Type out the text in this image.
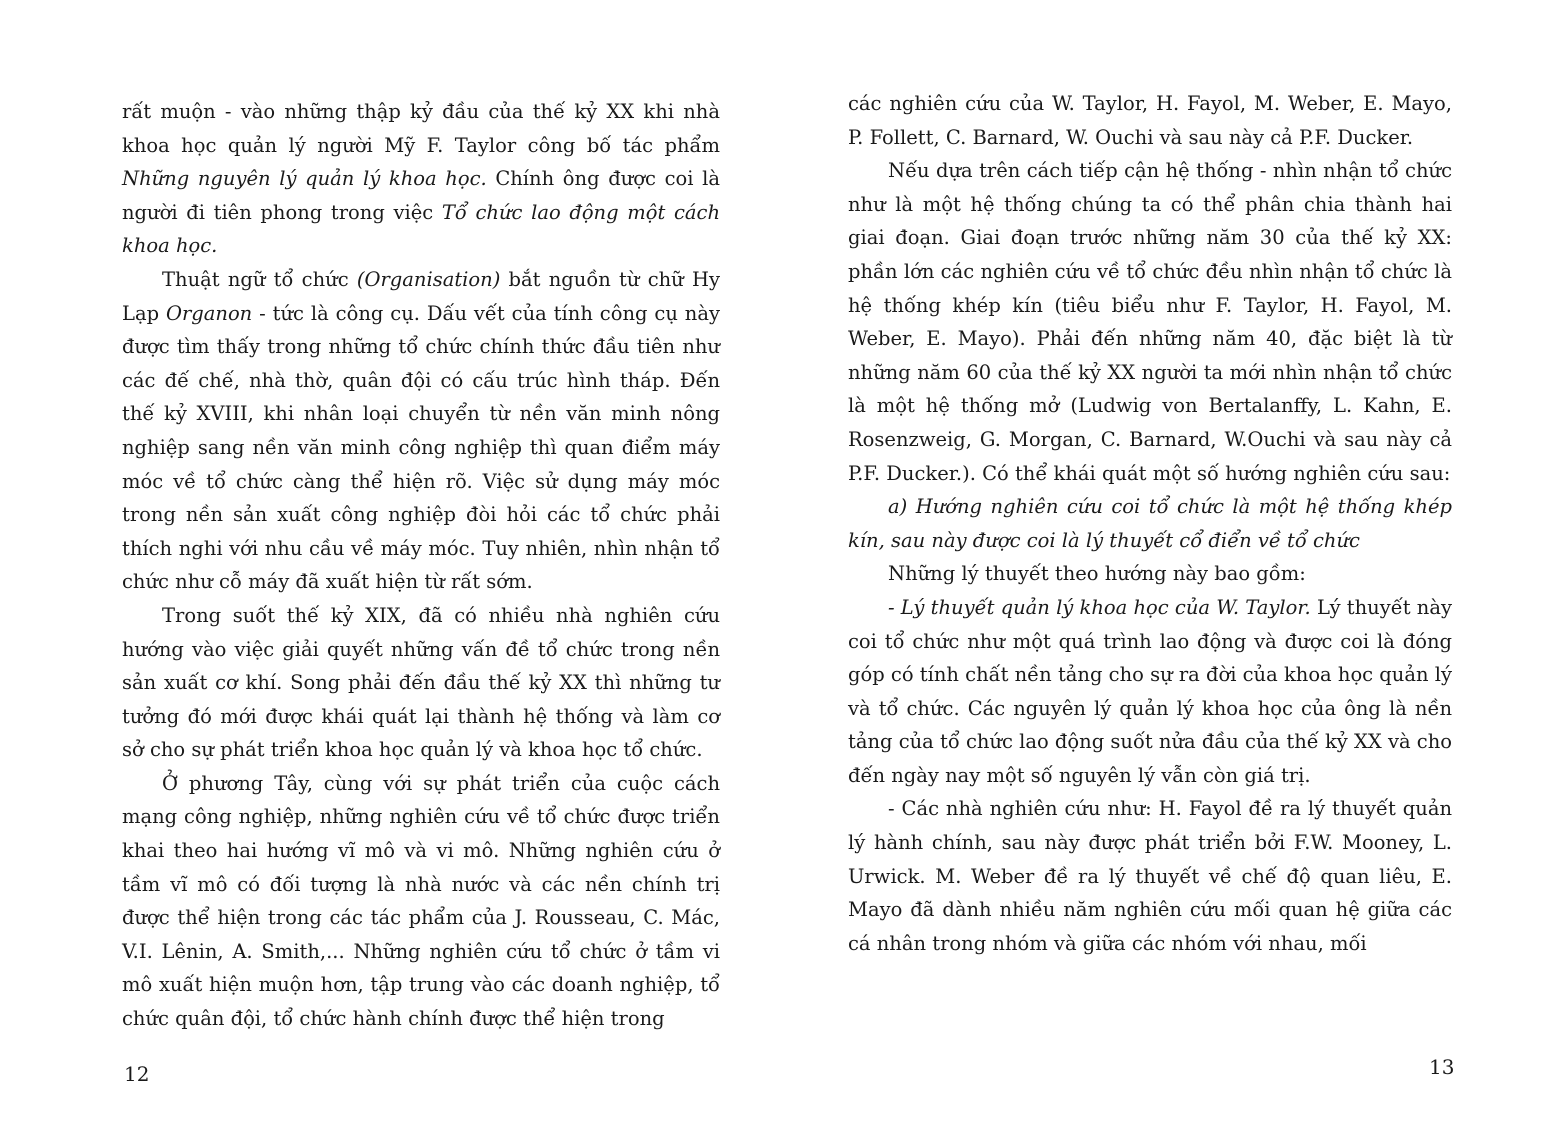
rất muộn - vào những thập kỷ đầu của thế kỷ XX khi nhà khoa học quản lý người Mỹ F. Taylor công bố tác phẩm Những nguyên lý quản lý khoa học. Chính ông được coi là người đi tiên phong trong việc Tổ chức lao động một cách khoa học.

Thuật ngữ tổ chức (Organisation) bắt nguồn từ chữ Hy Lạp Organon - tức là công cụ. Dấu vết của tính công cụ này được tìm thấy trong những tổ chức chính thức đầu tiên như các đế chế, nhà thờ, quân đội có cấu trúc hình tháp. Đến thế kỷ XVIII, khi nhân loại chuyển từ nền văn minh nông nghiệp sang nền văn minh công nghiệp thì quan điểm máy móc về tổ chức càng thể hiện rõ. Việc sử dụng máy móc trong nền sản xuất công nghiệp đòi hỏi các tổ chức phải thích nghi với nhu cầu về máy móc. Tuy nhiên, nhìn nhận tổ chức như cỗ máy đã xuất hiện từ rất sớm.

Trong suốt thế kỷ XIX, đã có nhiều nhà nghiên cứu hướng vào việc giải quyết những vấn đề tổ chức trong nền sản xuất cơ khí. Song phải đến đầu thế kỷ XX thì những tư tưởng đó mới được khái quát lại thành hệ thống và làm cơ sở cho sự phát triển khoa học quản lý và khoa học tổ chức.

Ở phương Tây, cùng với sự phát triển của cuộc cách mạng công nghiệp, những nghiên cứu về tổ chức được triển khai theo hai hướng vĩ mô và vi mô. Những nghiên cứu ở tầm vĩ mô có đối tượng là nhà nước và các nền chính trị được thể hiện trong các tác phẩm của J. Rousseau, C. Mác, V.I. Lênin, A. Smith,... Những nghiên cứu tổ chức ở tầm vi mô xuất hiện muộn hơn, tập trung vào các doanh nghiệp, tổ chức quân đội, tổ chức hành chính được thể hiện trong

12

các nghiên cứu của W. Taylor, H. Fayol, M. Weber, E. Mayo, P. Follett, C. Barnard, W. Ouchi và sau này cả P.F. Ducker.

Nếu dựa trên cách tiếp cận hệ thống - nhìn nhận tổ chức như là một hệ thống chúng ta có thể phân chia thành hai giai đoạn. Giai đoạn trước những năm 30 của thế kỷ XX: phần lớn các nghiên cứu về tổ chức đều nhìn nhận tổ chức là hệ thống khép kín (tiêu biểu như F. Taylor, H. Fayol, M. Weber, E. Mayo). Phải đến những năm 40, đặc biệt là từ những năm 60 của thế kỷ XX người ta mới nhìn nhận tổ chức là một hệ thống mở (Ludwig von Bertalanffy, L. Kahn, E. Rosenzweig, G. Morgan, C. Barnard, W.Ouchi và sau này cả P.F. Ducker.). Có thể khái quát một số hướng nghiên cứu sau:

a) Hướng nghiên cứu coi tổ chức là một hệ thống khép kín, sau này được coi là lý thuyết cổ điển về tổ chức

Những lý thuyết theo hướng này bao gồm:

- Lý thuyết quản lý khoa học của W. Taylor. Lý thuyết này coi tổ chức như một quá trình lao động và được coi là đóng góp có tính chất nền tảng cho sự ra đời của khoa học quản lý và tổ chức. Các nguyên lý quản lý khoa học của ông là nền tảng của tổ chức lao động suốt nửa đầu của thế kỷ XX và cho đến ngày nay một số nguyên lý vẫn còn giá trị.

- Các nhà nghiên cứu như: H. Fayol đề ra lý thuyết quản lý hành chính, sau này được phát triển bởi F.W. Mooney, L. Urwick. M. Weber đề ra lý thuyết về chế độ quan liêu, E. Mayo đã dành nhiều năm nghiên cứu mối quan hệ giữa các cá nhân trong nhóm và giữa các nhóm với nhau, mối

13
